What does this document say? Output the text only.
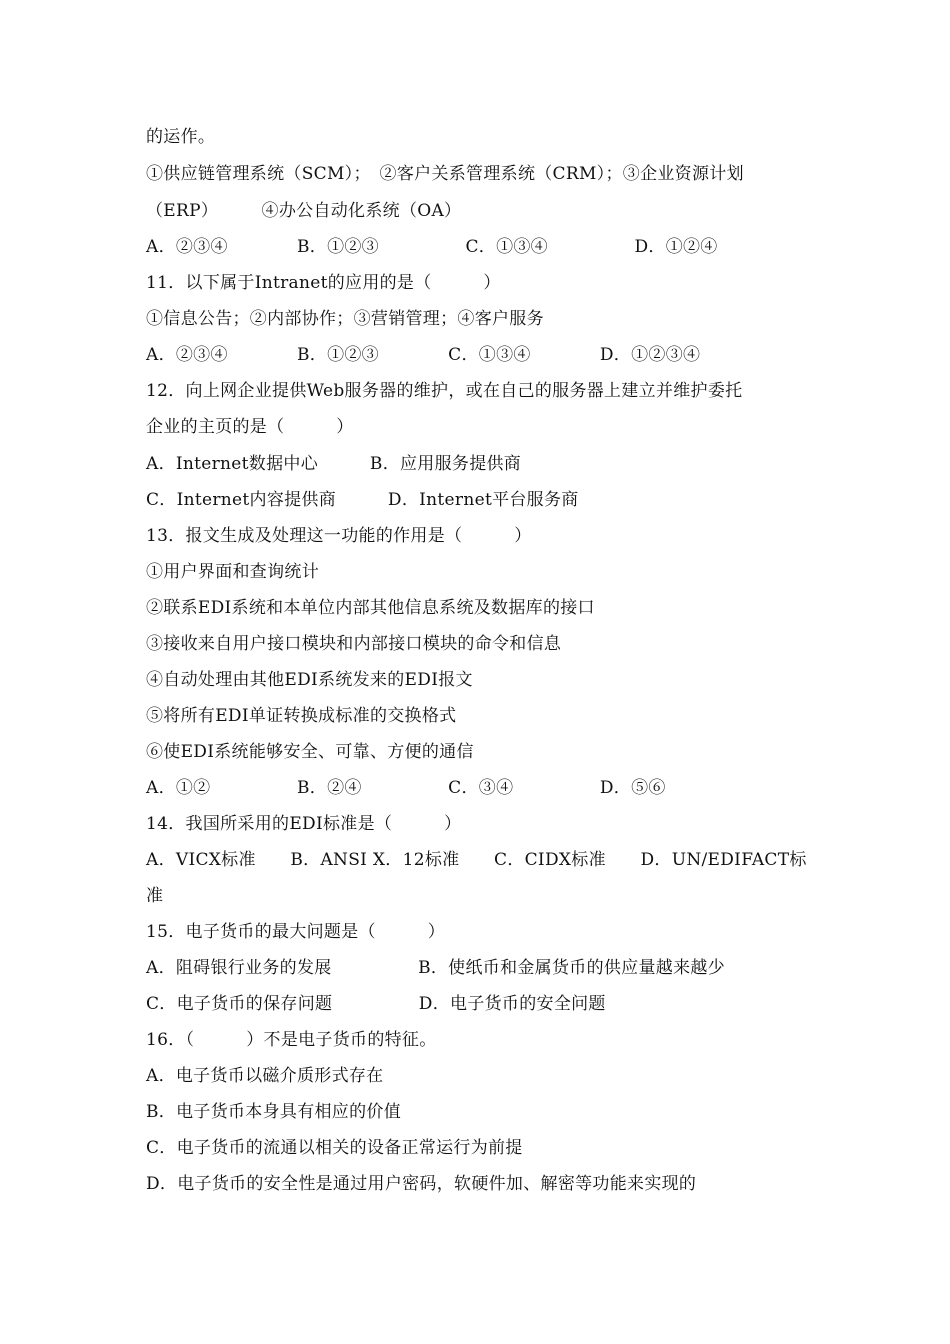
的运作。
①供应链管理系统（SCM）；　②客户关系管理系统（CRM）；③企业资源计划
（ERP）　　　④办公自动化系统（OA）
A．②③④　　　　B．①②③　　　　　C．①③④　　　　　D．①②④
11．以下属于Intranet的应用的是（　　　）
①信息公告；②内部协作；③营销管理；④客户服务
A．②③④　　　　B．①②③　　　　C．①③④　　　　D．①②③④
12．向上网企业提供Web服务器的维护，或在自己的服务器上建立并维护委托
企业的主页的是（　　　）
A．Internet数据中心　　　B．应用服务提供商
C．Internet内容提供商　　　D．Internet平台服务商
13．报文生成及处理这一功能的作用是（　　　）
①用户界面和查询统计
②联系EDI系统和本单位内部其他信息系统及数据库的接口
③接收来自用户接口模块和内部接口模块的命令和信息
④自动处理由其他EDI系统发来的EDI报文
⑤将所有EDI单证转换成标准的交换格式
⑥使EDI系统能够安全、可靠、方便的通信
A．①②　　　　　B．②④　　　　　C．③④　　　　　D．⑤⑥
14．我国所采用的EDI标准是（　　　）
A．VICX标准　　B．ANSI X．12标准　　C．CIDX标准　　D．UN/EDIFACT标
准
15．电子货币的最大问题是（　　　）
A．阻碍银行业务的发展　　　　　B．使纸币和金属货币的供应量越来越少
C．电子货币的保存问题　　　　　D．电子货币的安全问题
16．（　　　）不是电子货币的特征。
A．电子货币以磁介质形式存在
B．电子货币本身具有相应的价值
C．电子货币的流通以相关的设备正常运行为前提
D．电子货币的安全性是通过用户密码，软硬件加、解密等功能来实现的
